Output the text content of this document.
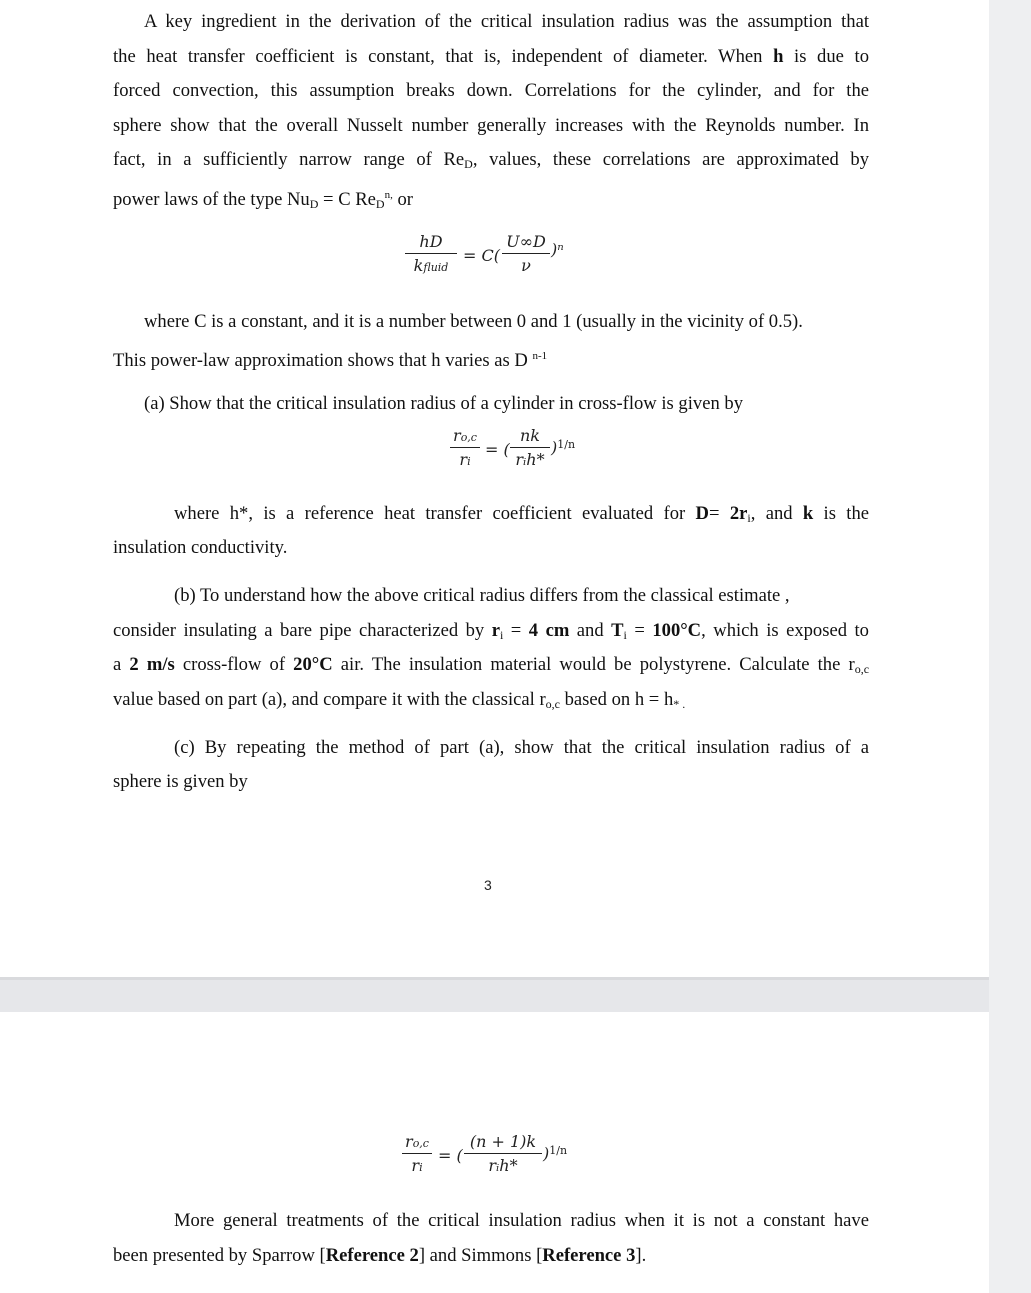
A key ingredient in the derivation of the critical insulation radius was the assumption that
the heat transfer coefficient is constant, that is, independent of diameter. When h is due to
forced convection, this assumption breaks down. Correlations for the cylinder, and for the
sphere show that the overall Nusselt number generally increases with the Reynolds number. In
fact, in a sufficiently narrow range of $Re_D$, values, these correlations are approximated by
power laws of the type $Nu_D = C$ $Re_D^{n,}$ or
hD
kfluid
= C(
U∞D
ν
)ⁿ
where C is a constant, and it is a number between 0 and 1 (usually in the vicinity of 0.5).
This power-law approximation shows that h varies as D $^{n-1}$
(a) Show that the critical insulation radius of a cylinder in cross-flow is given by
ro,c
ri
= (
nk
rᵢh*
)$^{1/n}$
where h*, is a reference heat transfer coefficient evaluated for $D= 2r_i$, and k is the
insulation conductivity.
(b) To understand how the above critical radius differs from the classical estimate ,
consider insulating a bare pipe characterized by $r_i = 4$ cm and $T_i = 100^\circ C$, which is exposed to
a 2 m/s cross-flow of 20°C air. The insulation material would be polystyrene. Calculate the $r_{o,c}$
value based on part (a), and compare it with the classical $r_{o,c}$ based on $h = h_{* .}$
(c) By repeating the method of part (a), show that the critical insulation radius of a
sphere is given by
3
ro,c
ri
= (
(n + 1)k
rᵢh*
)$^{1/n}$
More general treatments of the critical insulation radius when it is not a constant have
been presented by Sparrow [Reference 2] and Simmons [Reference 3].
